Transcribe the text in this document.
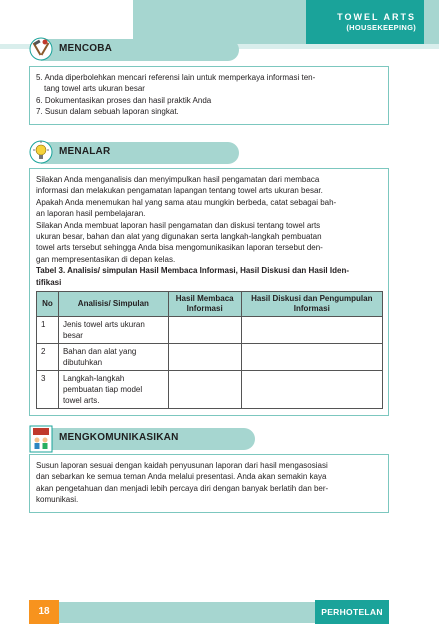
TOWEL ARTS
(HOUSEKEEPING)
MENCOBA
5. Anda diperbolehkan mencari referensi lain untuk memperkaya informasi ten-
tang towel arts ukuran besar
6. Dokumentasikan proses dan hasil praktik Anda
7. Susun dalam sebuah laporan singkat.
MENALAR
Silakan Anda menganalisis dan menyimpulkan hasil pengamatan dari membaca
informasi dan melakukan pengamatan lapangan tentang towel arts ukuran besar.
Apakah Anda menemukan hal yang sama atau mungkin berbeda, catat sebagai bah-
an laporan hasil pembelajaran.
Silakan Anda membuat laporan hasil pengamatan dan diskusi tentang towel arts
ukuran besar, bahan dan alat yang digunakan serta langkah-langkah pembuatan
towel arts tersebut sehingga Anda bisa mengomunikasikan laporan tersebut den-
gan mempresentasikan di depan kelas.
Tabel 3. Analisis/ simpulan Hasil Membaca Informasi, Hasil Diskusi dan Hasil Iden-
tifikasi
No	Analisis/ Simpulan	Hasil Membaca Informasi	Hasil Diskusi dan Pengumpulan Informasi
1	Jenis towel arts ukuran
besar		

2	Bahan dan alat yang
dibutuhkan		

3	Langkah-langkah
pembuatan tiap model
towel arts.		

MENGKOMUNIKASIKAN
Susun laporan sesuai dengan kaidah penyusunan laporan dari hasil mengasosiasi
dan sebarkan ke semua teman Anda melalui presentasi. Anda akan semakin kaya
akan pengetahuan dan menjadi lebih percaya diri dengan banyak berlatih dan ber-
komunikasi.
18	PERHOTELAN
